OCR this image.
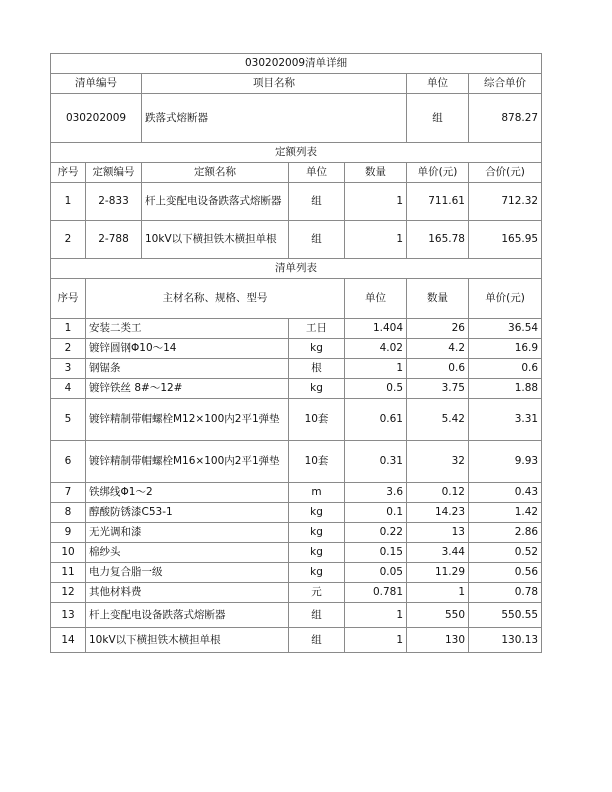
030202009清单详细							
清单编号		项目名称			单位	综合单价	
030202009		跌落式熔断器			组	878.27	
定额列表							
序号	定额编号	定额名称	单位	数量	单价(元)	合价(元)	
1	2-833	杆上变配电设备跌落式熔断器	组	1	711.61	712.32	
2	2-788	10kV以下横担铁木横担单根	组	1	165.78	165.95	
清单列表							
序号	主材名称、规格、型号			单位	数量	单价(元)	
1	安装二类工		工日	1.404	26	36.54	
2	镀锌圆钢Φ10～14		kg	4.02	4.2	16.9	
3	钢锯条		根	1	0.6	0.6	
4	镀锌铁丝 8#～12#		kg	0.5	3.75	1.88	
5	镀锌精制带帽螺栓M12×100内2平1弹垫		10套	0.61	5.42	3.31	
6	镀锌精制带帽螺栓M16×100内2平1弹垫		10套	0.31	32	9.93	
7	铁绑线Φ1～2		m	3.6	0.12	0.43	
8	醇酸防锈漆C53-1		kg	0.1	14.23	1.42	
9	无光调和漆		kg	0.22	13	2.86	
10	棉纱头		kg	0.15	3.44	0.52	
11	电力复合脂一级		kg	0.05	11.29	0.56	
12	其他材料费		元	0.781	1	0.78	
13	杆上变配电设备跌落式熔断器		组	1	550	550.55	
14	10kV以下横担铁木横担单根		组	1	130	130.13	
